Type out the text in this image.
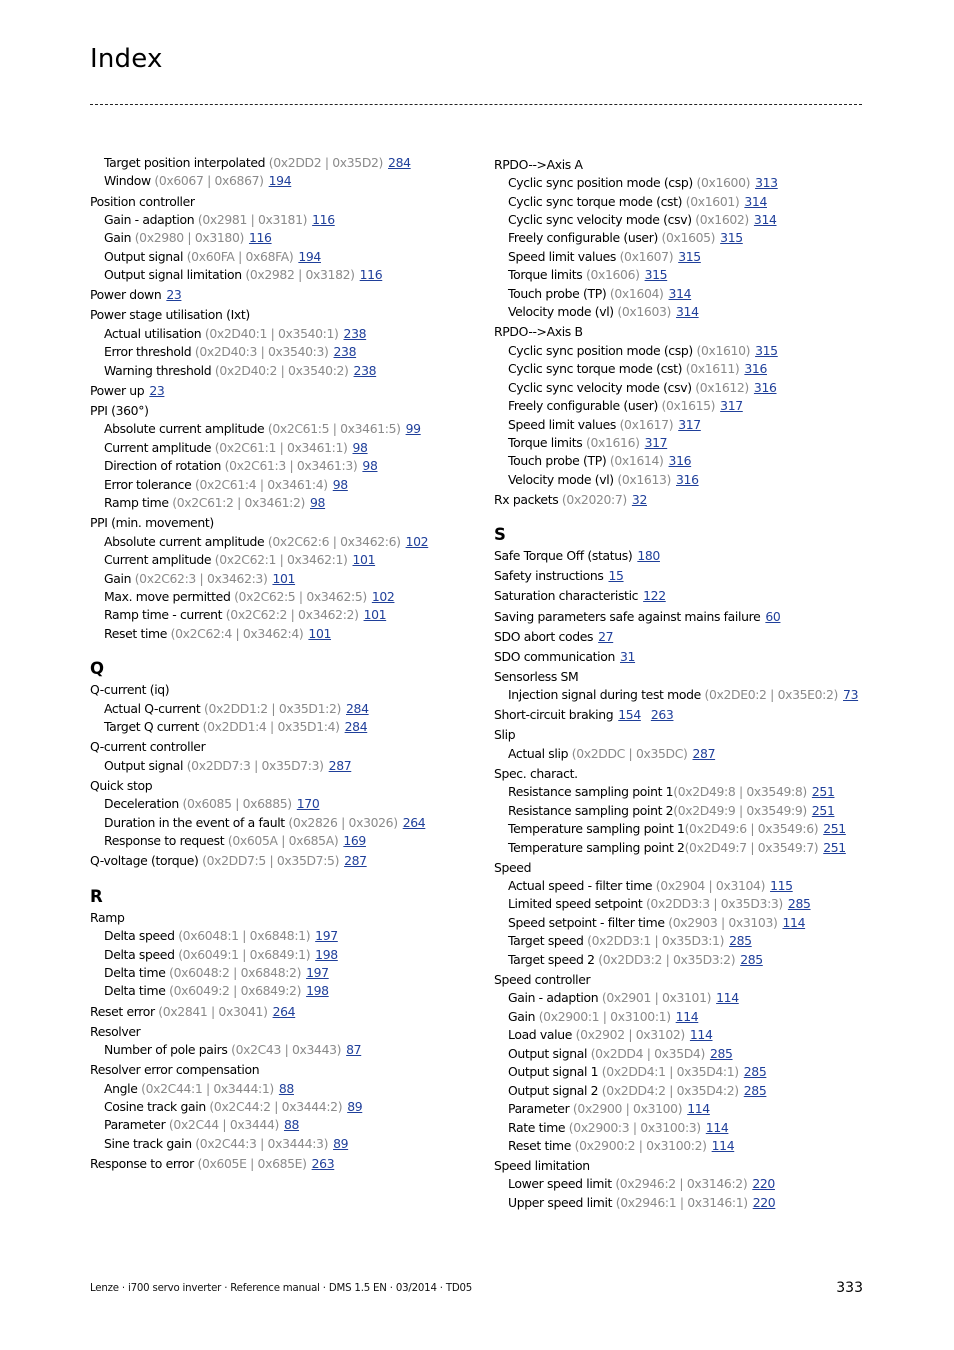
Index
Target position interpolated (0x2DD2 | 0x35D2) 284
Window (0x6067 | 0x6867) 194
Position controller
Gain - adaption (0x2981 | 0x3181) 116
Gain (0x2980 | 0x3180) 116
Output signal (0x60FA | 0x68FA) 194
Output signal limitation (0x2982 | 0x3182) 116
Power down 23
Power stage utilisation (Ixt)
Actual utilisation (0x2D40:1 | 0x3540:1) 238
Error threshold (0x2D40:3 | 0x3540:3) 238
Warning threshold (0x2D40:2 | 0x3540:2) 238
Power up 23
PPI (360°)
Absolute current amplitude (0x2C61:5 | 0x3461:5) 99
Current amplitude (0x2C61:1 | 0x3461:1) 98
Direction of rotation (0x2C61:3 | 0x3461:3) 98
Error tolerance (0x2C61:4 | 0x3461:4) 98
Ramp time (0x2C61:2 | 0x3461:2) 98
PPI (min. movement)
Absolute current amplitude (0x2C62:6 | 0x3462:6) 102
Current amplitude (0x2C62:1 | 0x3462:1) 101
Gain (0x2C62:3 | 0x3462:3) 101
Max. move permitted (0x2C62:5 | 0x3462:5) 102
Ramp time - current (0x2C62:2 | 0x3462:2) 101
Reset time (0x2C62:4 | 0x3462:4) 101
Q
Q-current (iq)
Actual Q-current (0x2DD1:2 | 0x35D1:2) 284
Target Q current (0x2DD1:4 | 0x35D1:4) 284
Q-current controller
Output signal (0x2DD7:3 | 0x35D7:3) 287
Quick stop
Deceleration (0x6085 | 0x6885) 170
Duration in the event of a fault (0x2826 | 0x3026) 264
Response to request (0x605A | 0x685A) 169
Q-voltage (torque) (0x2DD7:5 | 0x35D7:5) 287
R
Ramp
Delta speed (0x6048:1 | 0x6848:1) 197
Delta speed (0x6049:1 | 0x6849:1) 198
Delta time (0x6048:2 | 0x6848:2) 197
Delta time (0x6049:2 | 0x6849:2) 198
Reset error (0x2841 | 0x3041) 264
Resolver
Number of pole pairs (0x2C43 | 0x3443) 87
Resolver error compensation
Angle (0x2C44:1 | 0x3444:1) 88
Cosine track gain (0x2C44:2 | 0x3444:2) 89
Parameter (0x2C44 | 0x3444) 88
Sine track gain (0x2C44:3 | 0x3444:3) 89
Response to error (0x605E | 0x685E) 263
RPDO-->Axis A
Cyclic sync position mode (csp) (0x1600) 313
Cyclic sync torque mode (cst) (0x1601) 314
Cyclic sync velocity mode (csv) (0x1602) 314
Freely configurable (user) (0x1605) 315
Speed limit values (0x1607) 315
Torque limits (0x1606) 315
Touch probe (TP) (0x1604) 314
Velocity mode (vl) (0x1603) 314
RPDO-->Axis B
Cyclic sync position mode (csp) (0x1610) 315
Cyclic sync torque mode (cst) (0x1611) 316
Cyclic sync velocity mode (csv) (0x1612) 316
Freely configurable (user) (0x1615) 317
Speed limit values (0x1617) 317
Torque limits (0x1616) 317
Touch probe (TP) (0x1614) 316
Velocity mode (vl) (0x1613) 316
Rx packets (0x2020:7) 32
S
Safe Torque Off (status) 180
Safety instructions 15
Saturation characteristic 122
Saving parameters safe against mains failure 60
SDO abort codes 27
SDO communication 31
Sensorless SM
Injection signal during test mode (0x2DE0:2 | 0x35E0:2) 73
Short-circuit braking 154 263
Slip
Actual slip (0x2DDC | 0x35DC) 287
Spec. charact.
Resistance sampling point 1(0x2D49:8 | 0x3549:8) 251
Resistance sampling point 2(0x2D49:9 | 0x3549:9) 251
Temperature sampling point 1(0x2D49:6 | 0x3549:6) 251
Temperature sampling point 2(0x2D49:7 | 0x3549:7) 251
Speed
Actual speed - filter time (0x2904 | 0x3104) 115
Limited speed setpoint (0x2DD3:3 | 0x35D3:3) 285
Speed setpoint - filter time (0x2903 | 0x3103) 114
Target speed (0x2DD3:1 | 0x35D3:1) 285
Target speed 2 (0x2DD3:2 | 0x35D3:2) 285
Speed controller
Gain - adaption (0x2901 | 0x3101) 114
Gain (0x2900:1 | 0x3100:1) 114
Load value (0x2902 | 0x3102) 114
Output signal (0x2DD4 | 0x35D4) 285
Output signal 1 (0x2DD4:1 | 0x35D4:1) 285
Output signal 2 (0x2DD4:2 | 0x35D4:2) 285
Parameter (0x2900 | 0x3100) 114
Rate time (0x2900:3 | 0x3100:3) 114
Reset time (0x2900:2 | 0x3100:2) 114
Speed limitation
Lower speed limit (0x2946:2 | 0x3146:2) 220
Upper speed limit (0x2946:1 | 0x3146:1) 220
Lenze · i700 servo inverter · Reference manual · DMS 1.5 EN · 03/2014 · TD05	333
